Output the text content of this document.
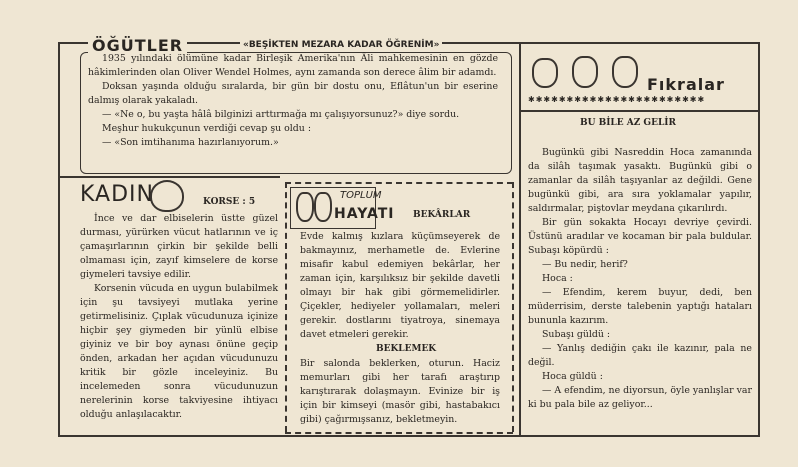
ÖĞÜTLER	«BEŞİKTEN MEZARA KADAR ÖĞRENİM»

1935 yılındaki ölümüne kadar Birleşik Amerika'nın Âli mahkemesinin en gözde hâkimlerinden olan Oliver Wendel Holmes, aynı zamanda son derece âlim bir adamdı.

Doksan yaşında olduğu sıralarda, bir gün bir dostu onu, Eflâtun'un bir eserine dalmış olarak yakaladı.

— «Ne o, bu yaşta hâlâ bilginizi arttırmağa mı çalışıyorsunuz?» diye sordu.

Meşhur hukukçunun verdiği cevap şu oldu :

— «Son imtihanıma hazırlanıyorum.»

KADIN	KORSE : 5

İnce ve dar elbiselerin üstte güzel durması, yürürken vücut hatlarının ve iç çamaşırlarının çirkin bir şekilde belli olmaması için, zayıf kimselere de korse giymeleri tavsiye edilir.

Korsenin vücuda en uygun bulabilmek için şu tavsiyeyi mutlaka yerine getirmelisiniz. Çıplak vücudunuza içinize hiçbir şey giymeden bir yünlü elbise giyiniz ve bir boy aynası önüne geçip önden, arkadan her açıdan vücudunuzu kritik bir gözle inceleyiniz. Bu incelemeden sonra vücudunuzun nerelerinin korse takviyesine ihtiyacı olduğu anlaşılacaktır.

TOPLUM
HAYATI BEKÂRLAR

Evde kalmış kızlara küçümseyerek de bakmayınız, merhametle de. Evlerine misafir kabul edemiyen bekârlar, her zaman için, karşılıksız bir şekilde davetli olmayı bir hak gibi görmemelidirler. Çiçekler, hediyeler yollamaları, meleri gerekir. dostlarını tiyatroya, sinemaya davet etmeleri gerekir.

BEKLEMEK

Bir salonda beklerken, oturun. Haciz memurları gibi her tarafı araştırıp karıştırarak dolaşmayın. Evinize bir iş için bir kimseyi (masör gibi, hastabakıcı gibi) çağırmışsanız, bekletmeyin.

Fıkralar
✱✱✱✱✱✱✱✱✱✱✱✱✱✱✱✱✱✱✱✱✱✱✱
BU BİLE AZ GELİR

Bugünkü gibi Nasreddin Hoca zamanında da silâh taşımak yasaktı. Bugünkü gibi o zamanlar da silâh taşıyanlar az değildi. Gene bugünkü gibi, ara sıra yoklamalar yapılır, saldırmalar, piştovlar meydana çıkarılırdı.

Bir gün sokakta Hocayı devriye çevirdi. Üstünü aradılar ve kocaman bir pala buldular. Subaşı köpürdü :

— Bu nedir, herif?

Hoca :

— Efendim, kerem buyur, dedi, ben müderrisim, derste talebenin yaptığı hataları bununla kazırım.

Subaşı güldü :

— Yanlış dediğin çakı ile kazınır, pala ne değil.

Hoca güldü :

— A efendim, ne diyorsun, öyle yanlışlar var ki bu pala bile az geliyor...
